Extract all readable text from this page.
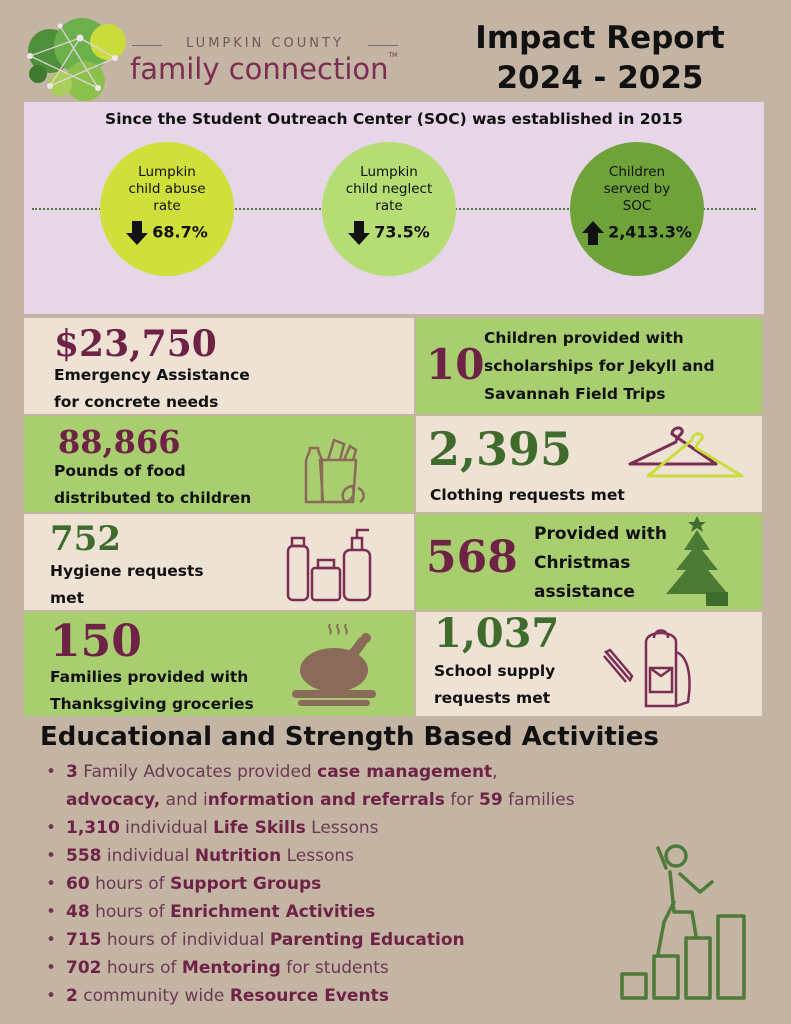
LUMPKIN COUNTY
family connection™	Impact Report
2024 - 2025
Since the Student Outreach Center (SOC) was established in 2015
Lumpkin
child abuse
rate
68.7%
Lumpkin
child neglect
rate
73.5%
Children
served by
SOC
2,413.3%
$23,750
Emergency Assistance
for concrete needs
10
Children provided with
scholarships for Jekyll and
Savannah Field Trips
88,866
Pounds of food
distributed to children
2,395
Clothing requests met
752
Hygiene requests
met
568 Provided with
Christmas
assistance
150
Families provided with
Thanksgiving groceries
1,037
School supply
requests met
Educational and Strength Based Activities
• 3 Family Advocates provided case management,
advocacy, and information and referrals for 59 families
• 1,310 individual Life Skills Lessons
• 558 individual Nutrition Lessons
• 60 hours of Support Groups
• 48 hours of Enrichment Activities
• 715 hours of individual Parenting Education
• 702 hours of Mentoring for students
• 2 community wide Resource Events
